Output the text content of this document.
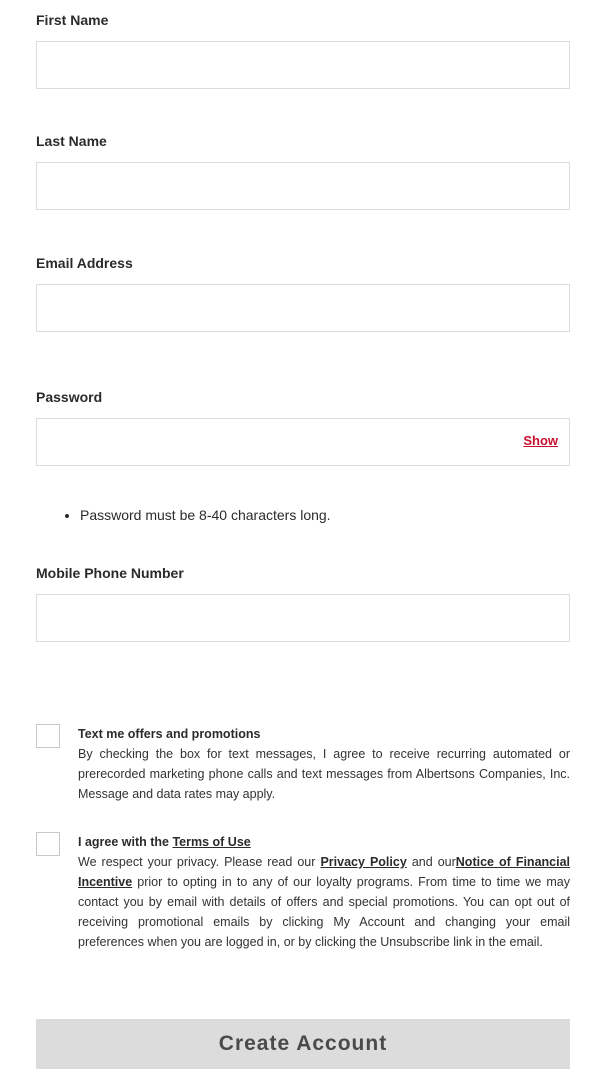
First Name
Last Name
Email Address
Password
Show
• Password must be 8-40 characters long.
Mobile Phone Number
Text me offers and promotions
By checking the box for text messages, I agree to receive recurring automated or prerecorded marketing phone calls and text messages from Albertsons Companies, Inc. Message and data rates may apply.
I agree with the Terms of Use
We respect your privacy. Please read our Privacy Policy and ourNotice of Financial Incentive prior to opting in to any of our loyalty programs. From time to time we may contact you by email with details of offers and special promotions. You can opt out of receiving promotional emails by clicking My Account and changing your email preferences when you are logged in, or by clicking the Unsubscribe link in the email.
Create Account
